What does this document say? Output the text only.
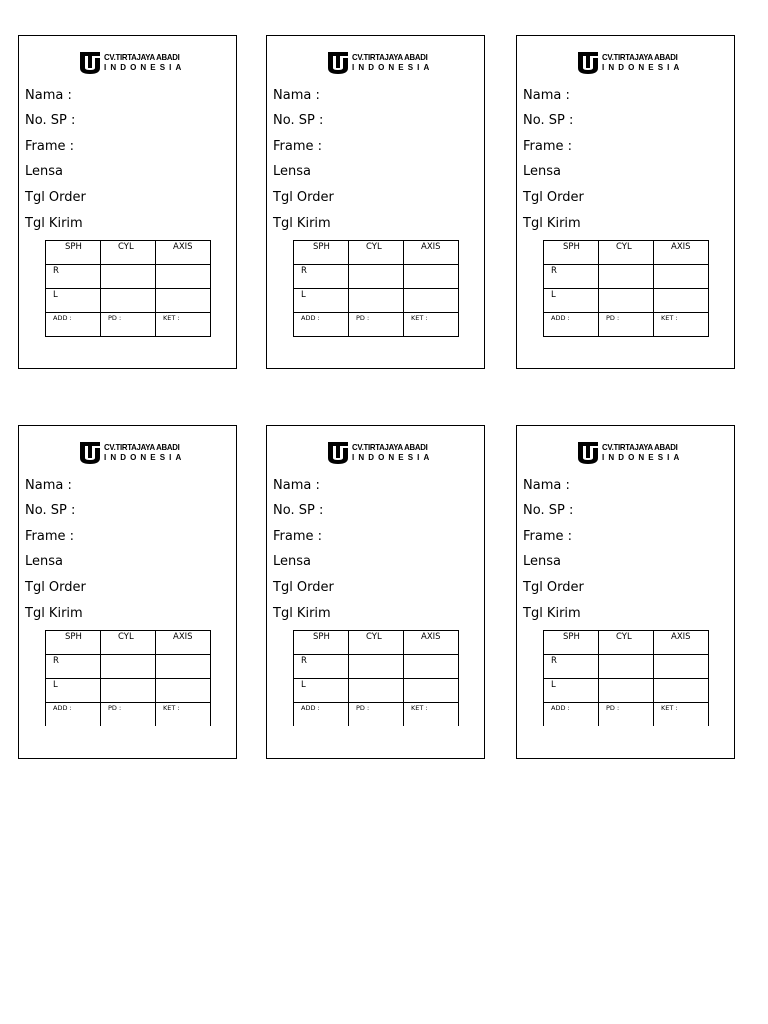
CV.TIRTAJAYA ABADI
INDONESIA
Nama :
No. SP :
Frame :
Lensa
Tgl Order
Tgl Kirim
SPH	CYL	AXIS

R		

L		

ADD :	PD :	KET :
CV.TIRTAJAYA ABADI
INDONESIA
Nama :
No. SP :
Frame :
Lensa
Tgl Order
Tgl Kirim
SPH	CYL	AXIS

R		

L		

ADD :	PD :	KET :
CV.TIRTAJAYA ABADI
INDONESIA
Nama :
No. SP :
Frame :
Lensa
Tgl Order
Tgl Kirim
SPH	CYL	AXIS

R		

L		

ADD :	PD :	KET :
CV.TIRTAJAYA ABADI
INDONESIA
Nama :
No. SP :
Frame :
Lensa
Tgl Order
Tgl Kirim
SPH	CYL	AXIS

R		

L		

ADD :	PD :	KET :
CV.TIRTAJAYA ABADI
INDONESIA
Nama :
No. SP :
Frame :
Lensa
Tgl Order
Tgl Kirim
SPH	CYL	AXIS

R		

L		

ADD :	PD :	KET :
CV.TIRTAJAYA ABADI
INDONESIA
Nama :
No. SP :
Frame :
Lensa
Tgl Order
Tgl Kirim
SPH	CYL	AXIS

R		

L		

ADD :	PD :	KET :
